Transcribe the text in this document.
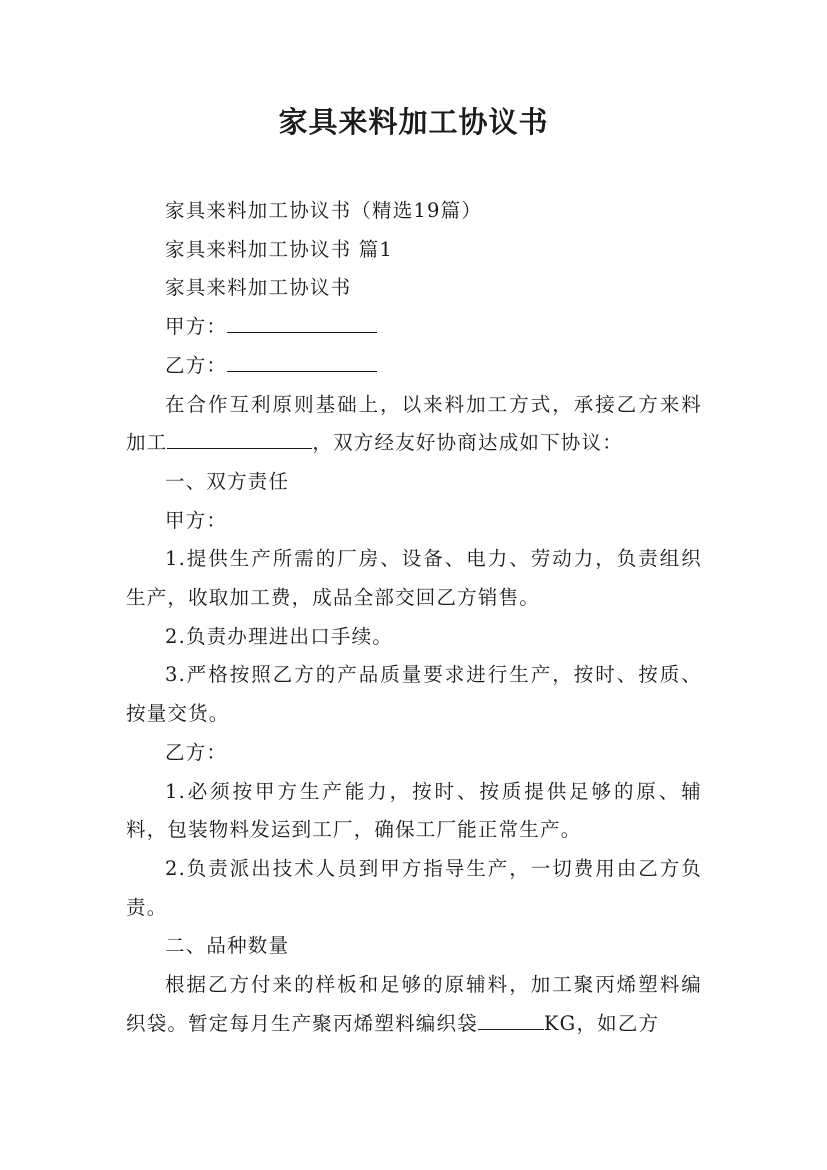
家具来料加工协议书

家具来料加工协议书（精选19篇）

家具来料加工协议书 篇1

家具来料加工协议书

甲方：

乙方：

在合作互利原则基础上，以来料加工方式，承接乙方来料加工	，双方经友好协商达成如下协议：

一、双方责任

甲方：

1.提供生产所需的厂房、设备、电力、劳动力，负责组织生产，收取加工费，成品全部交回乙方销售。

2.负责办理进出口手续。

3.严格按照乙方的产品质量要求进行生产，按时、按质、按量交货。

乙方：

1.必须按甲方生产能力，按时、按质提供足够的原、辅料，包装物料发运到工厂，确保工厂能正常生产。

2.负责派出技术人员到甲方指导生产，一切费用由乙方负责。

二、品种数量

根据乙方付来的样板和足够的原辅料，加工聚丙烯塑料编织袋。暂定每月生产聚丙烯塑料编织袋	KG，如乙方
